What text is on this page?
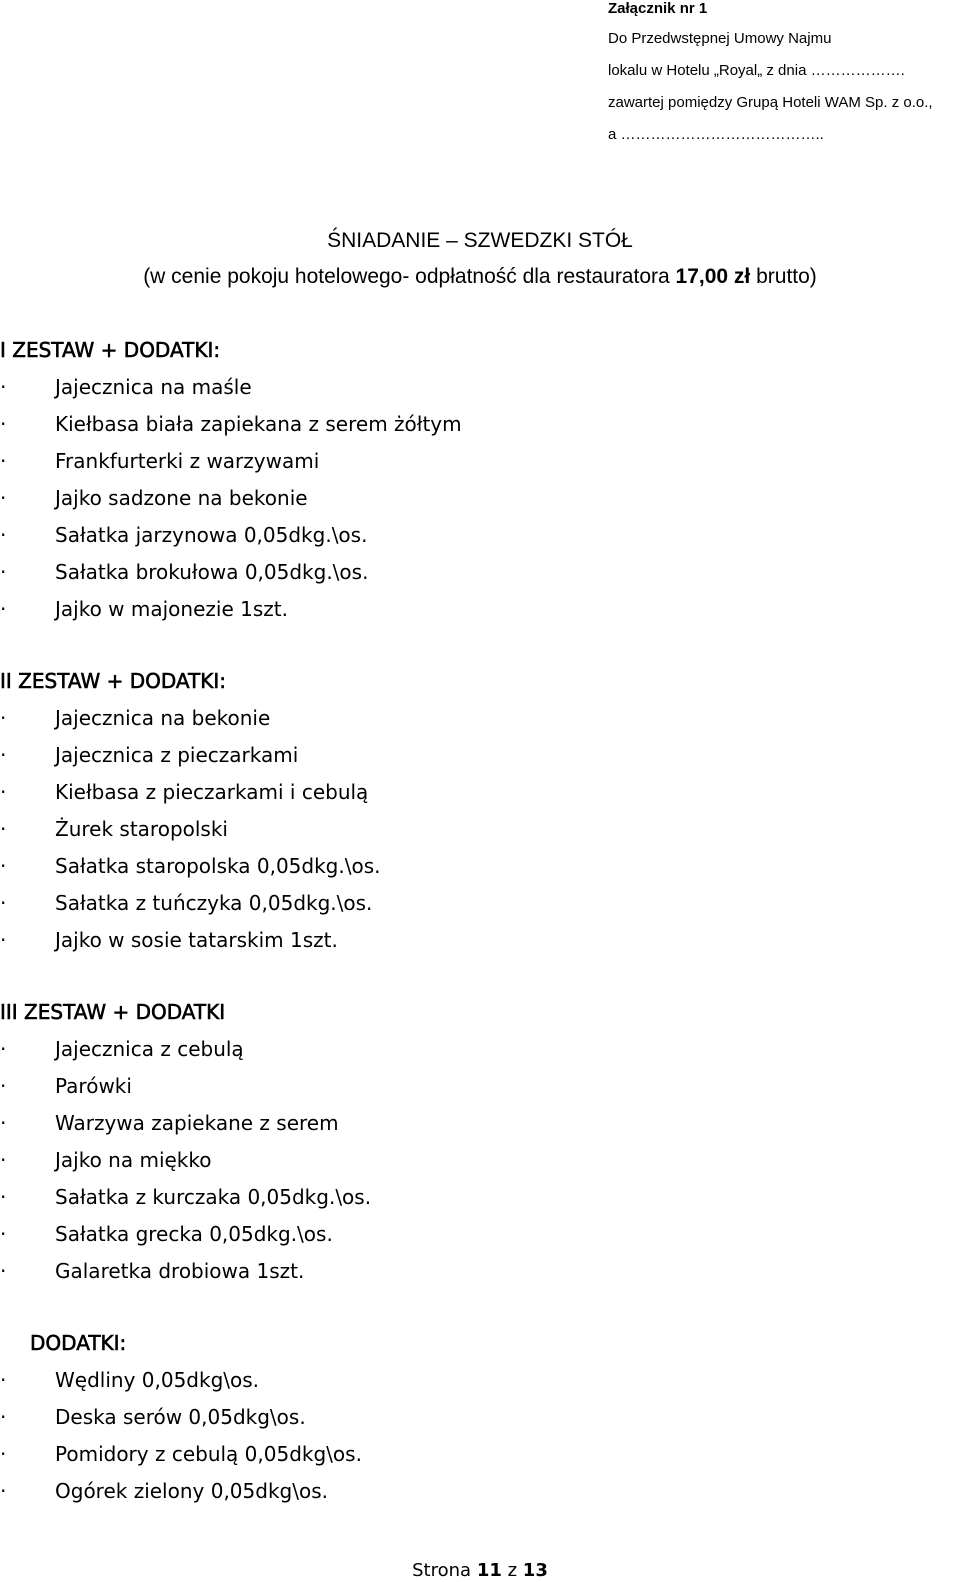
Załącznik nr 1
Do Przedwstępnej Umowy Najmu
lokalu w Hotelu „Royal„ z dnia ……………….
zawartej pomiędzy Grupą Hoteli WAM Sp. z o.o.,
a …………………………………..
ŚNIADANIE – SZWEDZKI STÓŁ
(w cenie pokoju hotelowego- odpłatność dla restauratora 17,00 zł brutto)
I ZESTAW + DODATKI:
· Jajecznica na maśle
· Kiełbasa biała zapiekana z serem żółtym
· Frankfurterki z warzywami
· Jajko sadzone na bekonie
· Sałatka jarzynowa 0,05dkg.\os.
· Sałatka brokułowa 0,05dkg.\os.
· Jajko w majonezie 1szt.
II ZESTAW + DODATKI:
· Jajecznica na bekonie
· Jajecznica z pieczarkami
· Kiełbasa z pieczarkami i cebulą
· Żurek staropolski
· Sałatka staropolska 0,05dkg.\os.
· Sałatka z tuńczyka 0,05dkg.\os.
· Jajko w sosie tatarskim 1szt.
III ZESTAW + DODATKI
· Jajecznica z cebulą
· Parówki
· Warzywa zapiekane z serem
· Jajko na miękko
· Sałatka z kurczaka 0,05dkg.\os.
· Sałatka grecka 0,05dkg.\os.
· Galaretka drobiowa 1szt.
DODATKI:
· Wędliny 0,05dkg\os.
· Deska serów 0,05dkg\os.
· Pomidory z cebulą 0,05dkg\os.
· Ogórek zielony 0,05dkg\os.
Strona 11 z 13
